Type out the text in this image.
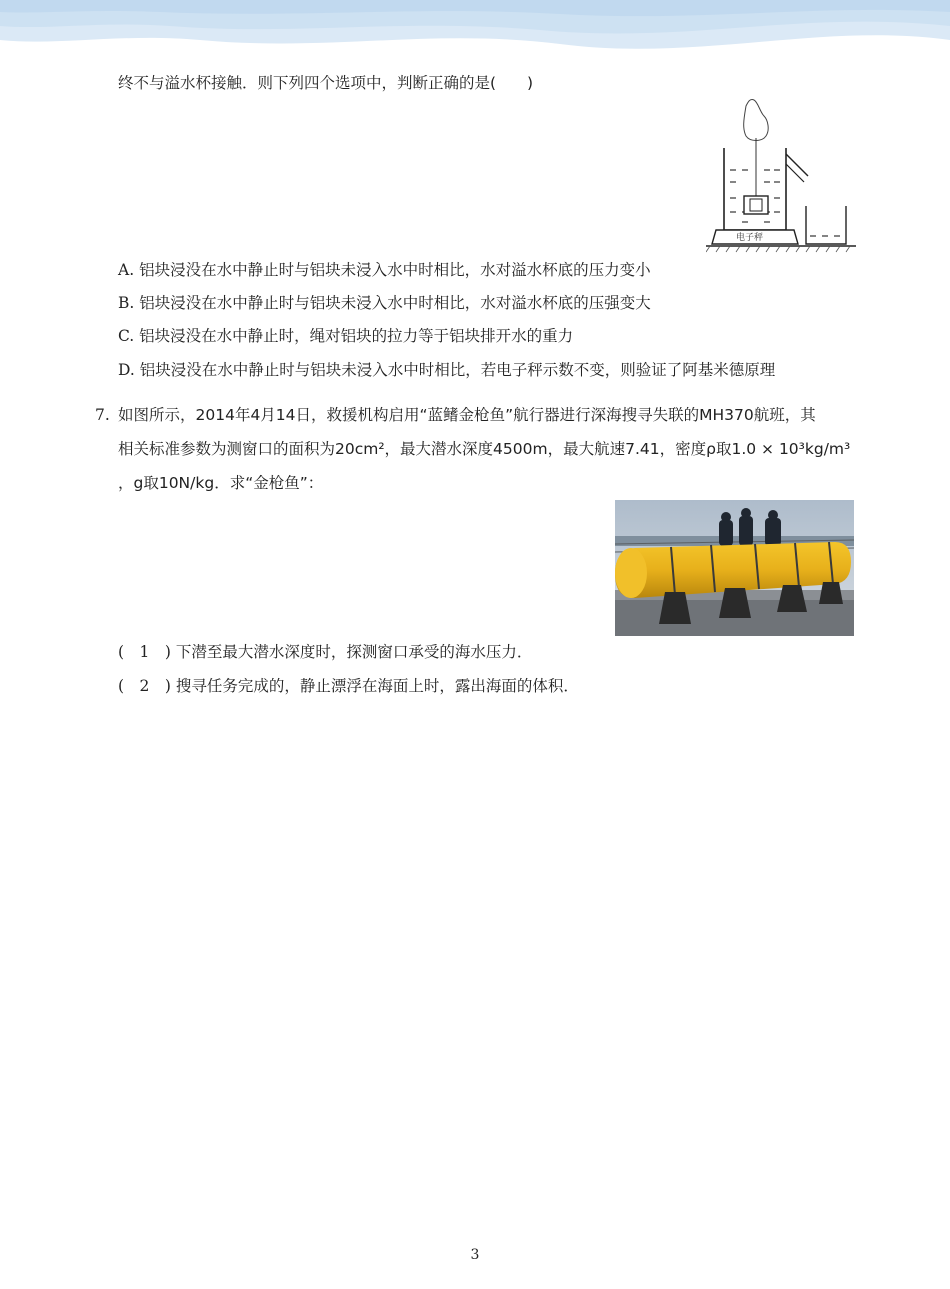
终不与溢水杯接触．则下列四个选项中，判断正确的是(　　)
电子秤
A. 铝块浸没在水中静止时与铝块未浸入水中时相比，水对溢水杯底的压力变小
B. 铝块浸没在水中静止时与铝块未浸入水中时相比，水对溢水杯底的压强变大
C. 铝块浸没在水中静止时，绳对铝块的拉力等于铝块排开水的重力
D. 铝块浸没在水中静止时与铝块未浸入水中时相比，若电子秤示数不变，则验证了阿基米德原理
7. 如图所示，2014年4月14日，救援机构启用“蓝鳍金枪鱼”航行器进行深海搜寻失联的MH370航班，其
相关标准参数为测窗口的面积为20cm²，最大潜水深度4500m，最大航速7.41，密度ρ取1.0 × 10³kg/m³
，g取10N/kg．求“金枪鱼”：
(　1　) 下潜至最大潜水深度时，探测窗口承受的海水压力．
(　2　) 搜寻任务完成的，静止漂浮在海面上时，露出海面的体积．
3
